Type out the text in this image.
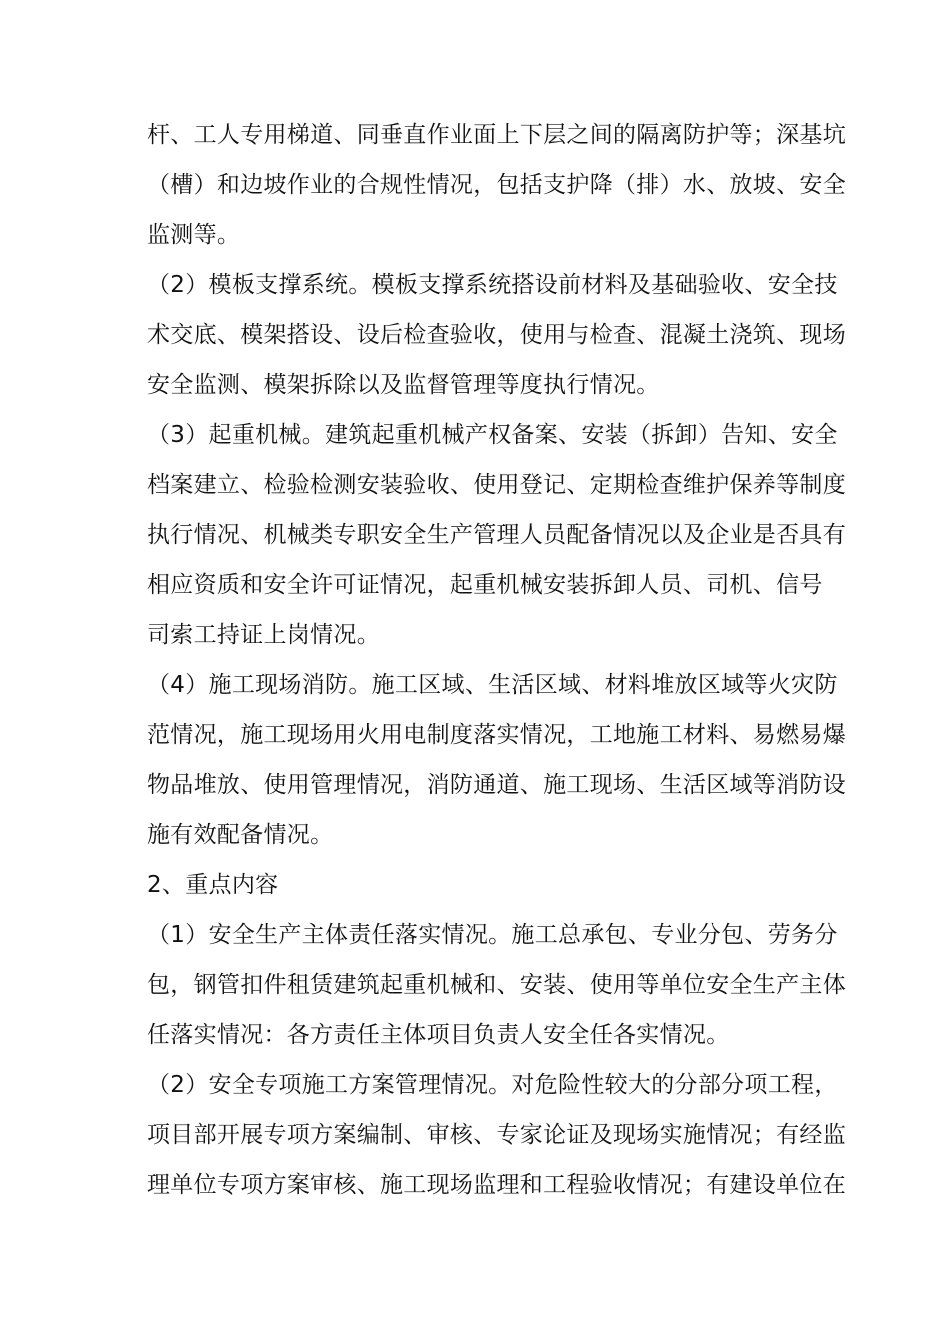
杆、工人专用梯道、同垂直作业面上下层之间的隔离防护等；深基坑
（槽）和边坡作业的合规性情况，包括支护降（排）水、放坡、安全
监测等。
（2）模板支撑系统。模板支撑系统搭设前材料及基础验收、安全技
术交底、模架搭设、设后检查验收，使用与检查、混凝土浇筑、现场
安全监测、模架拆除以及监督管理等度执行情况。
（3）起重机械。建筑起重机械产权备案、安装（拆卸）告知、安全
档案建立、检验检测安装验收、使用登记、定期检查维护保养等制度
执行情况、机械类专职安全生产管理人员配备情况以及企业是否具有
相应资质和安全许可证情况，起重机械安装拆卸人员、司机、信号
司索工持证上岗情况。
（4）施工现场消防。施工区域、生活区域、材料堆放区域等火灾防
范情况，施工现场用火用电制度落实情况，工地施工材料、易燃易爆
物品堆放、使用管理情况，消防通道、施工现场、生活区域等消防设
施有效配备情况。
2、重点内容
（1）安全生产主体责任落实情况。施工总承包、专业分包、劳务分
包，钢管扣件租赁建筑起重机械和、安装、使用等单位安全生产主体
任落实情况：各方责任主体项目负责人安全任各实情况。
（2）安全专项施工方案管理情况。对危险性较大的分部分项工程，
项目部开展专项方案编制、审核、专家论证及现场实施情况；有经监
理单位专项方案审核、施工现场监理和工程验收情况；有建设单位在
